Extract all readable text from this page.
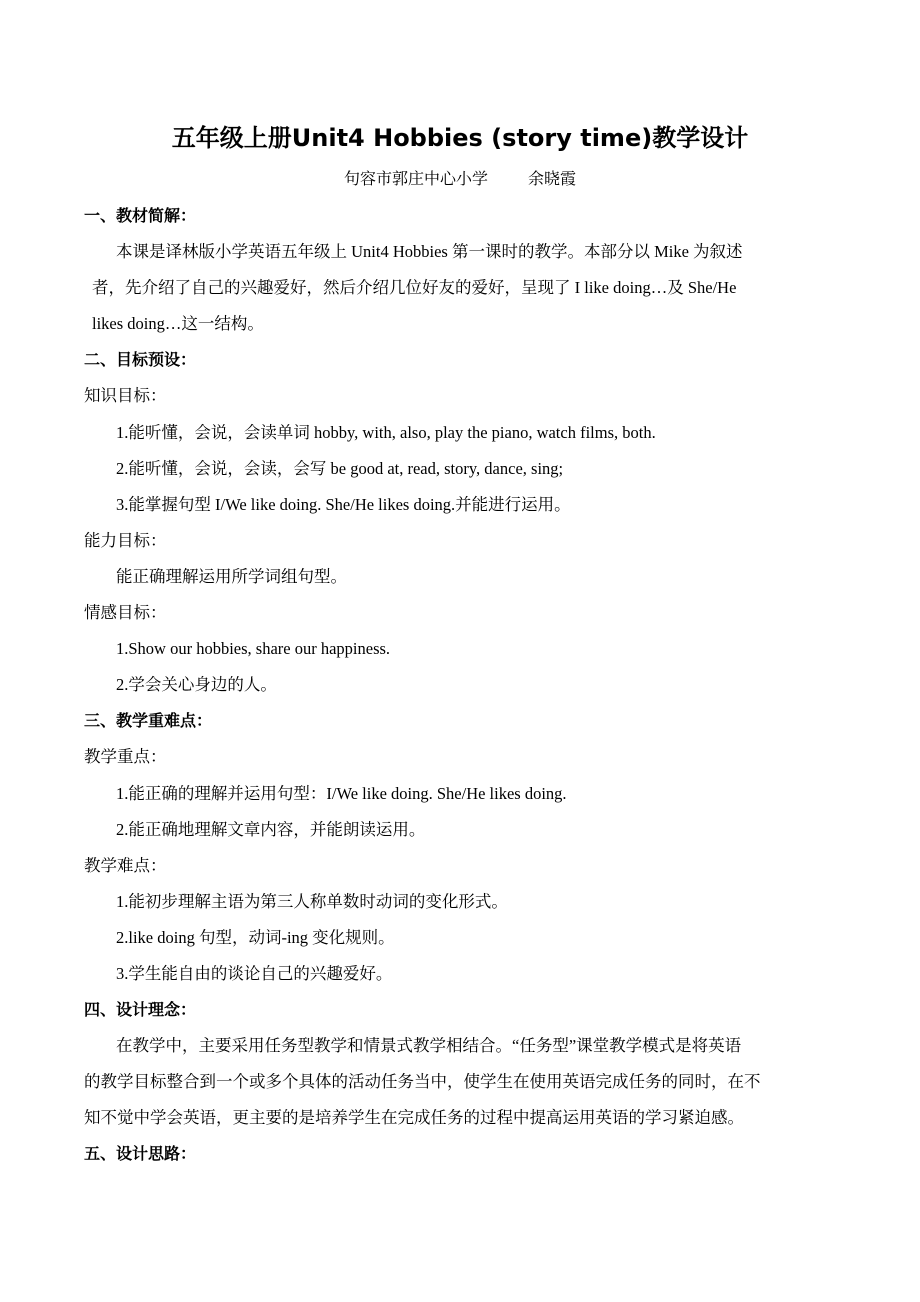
五年级上册Unit4 Hobbies (story time)教学设计
句容市郭庄中心小学	余晓霞
一、教材简解：
本课是译林版小学英语五年级上 Unit4 Hobbies 第一课时的教学。本部分以 Mike 为叙述
者，先介绍了自己的兴趣爱好，然后介绍几位好友的爱好，呈现了 I like doing…及 She/He
likes doing…这一结构。
二、目标预设：
知识目标：
1.能听懂，会说，会读单词 hobby, with, also, play the piano, watch films, both.
2.能听懂，会说，会读，会写 be good at, read, story, dance, sing;
3.能掌握句型 I/We like doing. She/He likes doing.并能进行运用。
能力目标：
能正确理解运用所学词组句型。
情感目标：
1.Show our hobbies, share our happiness.
2.学会关心身边的人。
三、教学重难点：
教学重点：
1.能正确的理解并运用句型：I/We like doing. She/He likes doing.
2.能正确地理解文章内容，并能朗读运用。
教学难点：
1.能初步理解主语为第三人称单数时动词的变化形式。
2.like doing 句型，动词-ing 变化规则。
3.学生能自由的谈论自己的兴趣爱好。
四、设计理念：
在教学中，主要采用任务型教学和情景式教学相结合。“任务型”课堂教学模式是将英语
的教学目标整合到一个或多个具体的活动任务当中，使学生在使用英语完成任务的同时，在不
知不觉中学会英语，更主要的是培养学生在完成任务的过程中提高运用英语的学习紧迫感。
五、设计思路：
